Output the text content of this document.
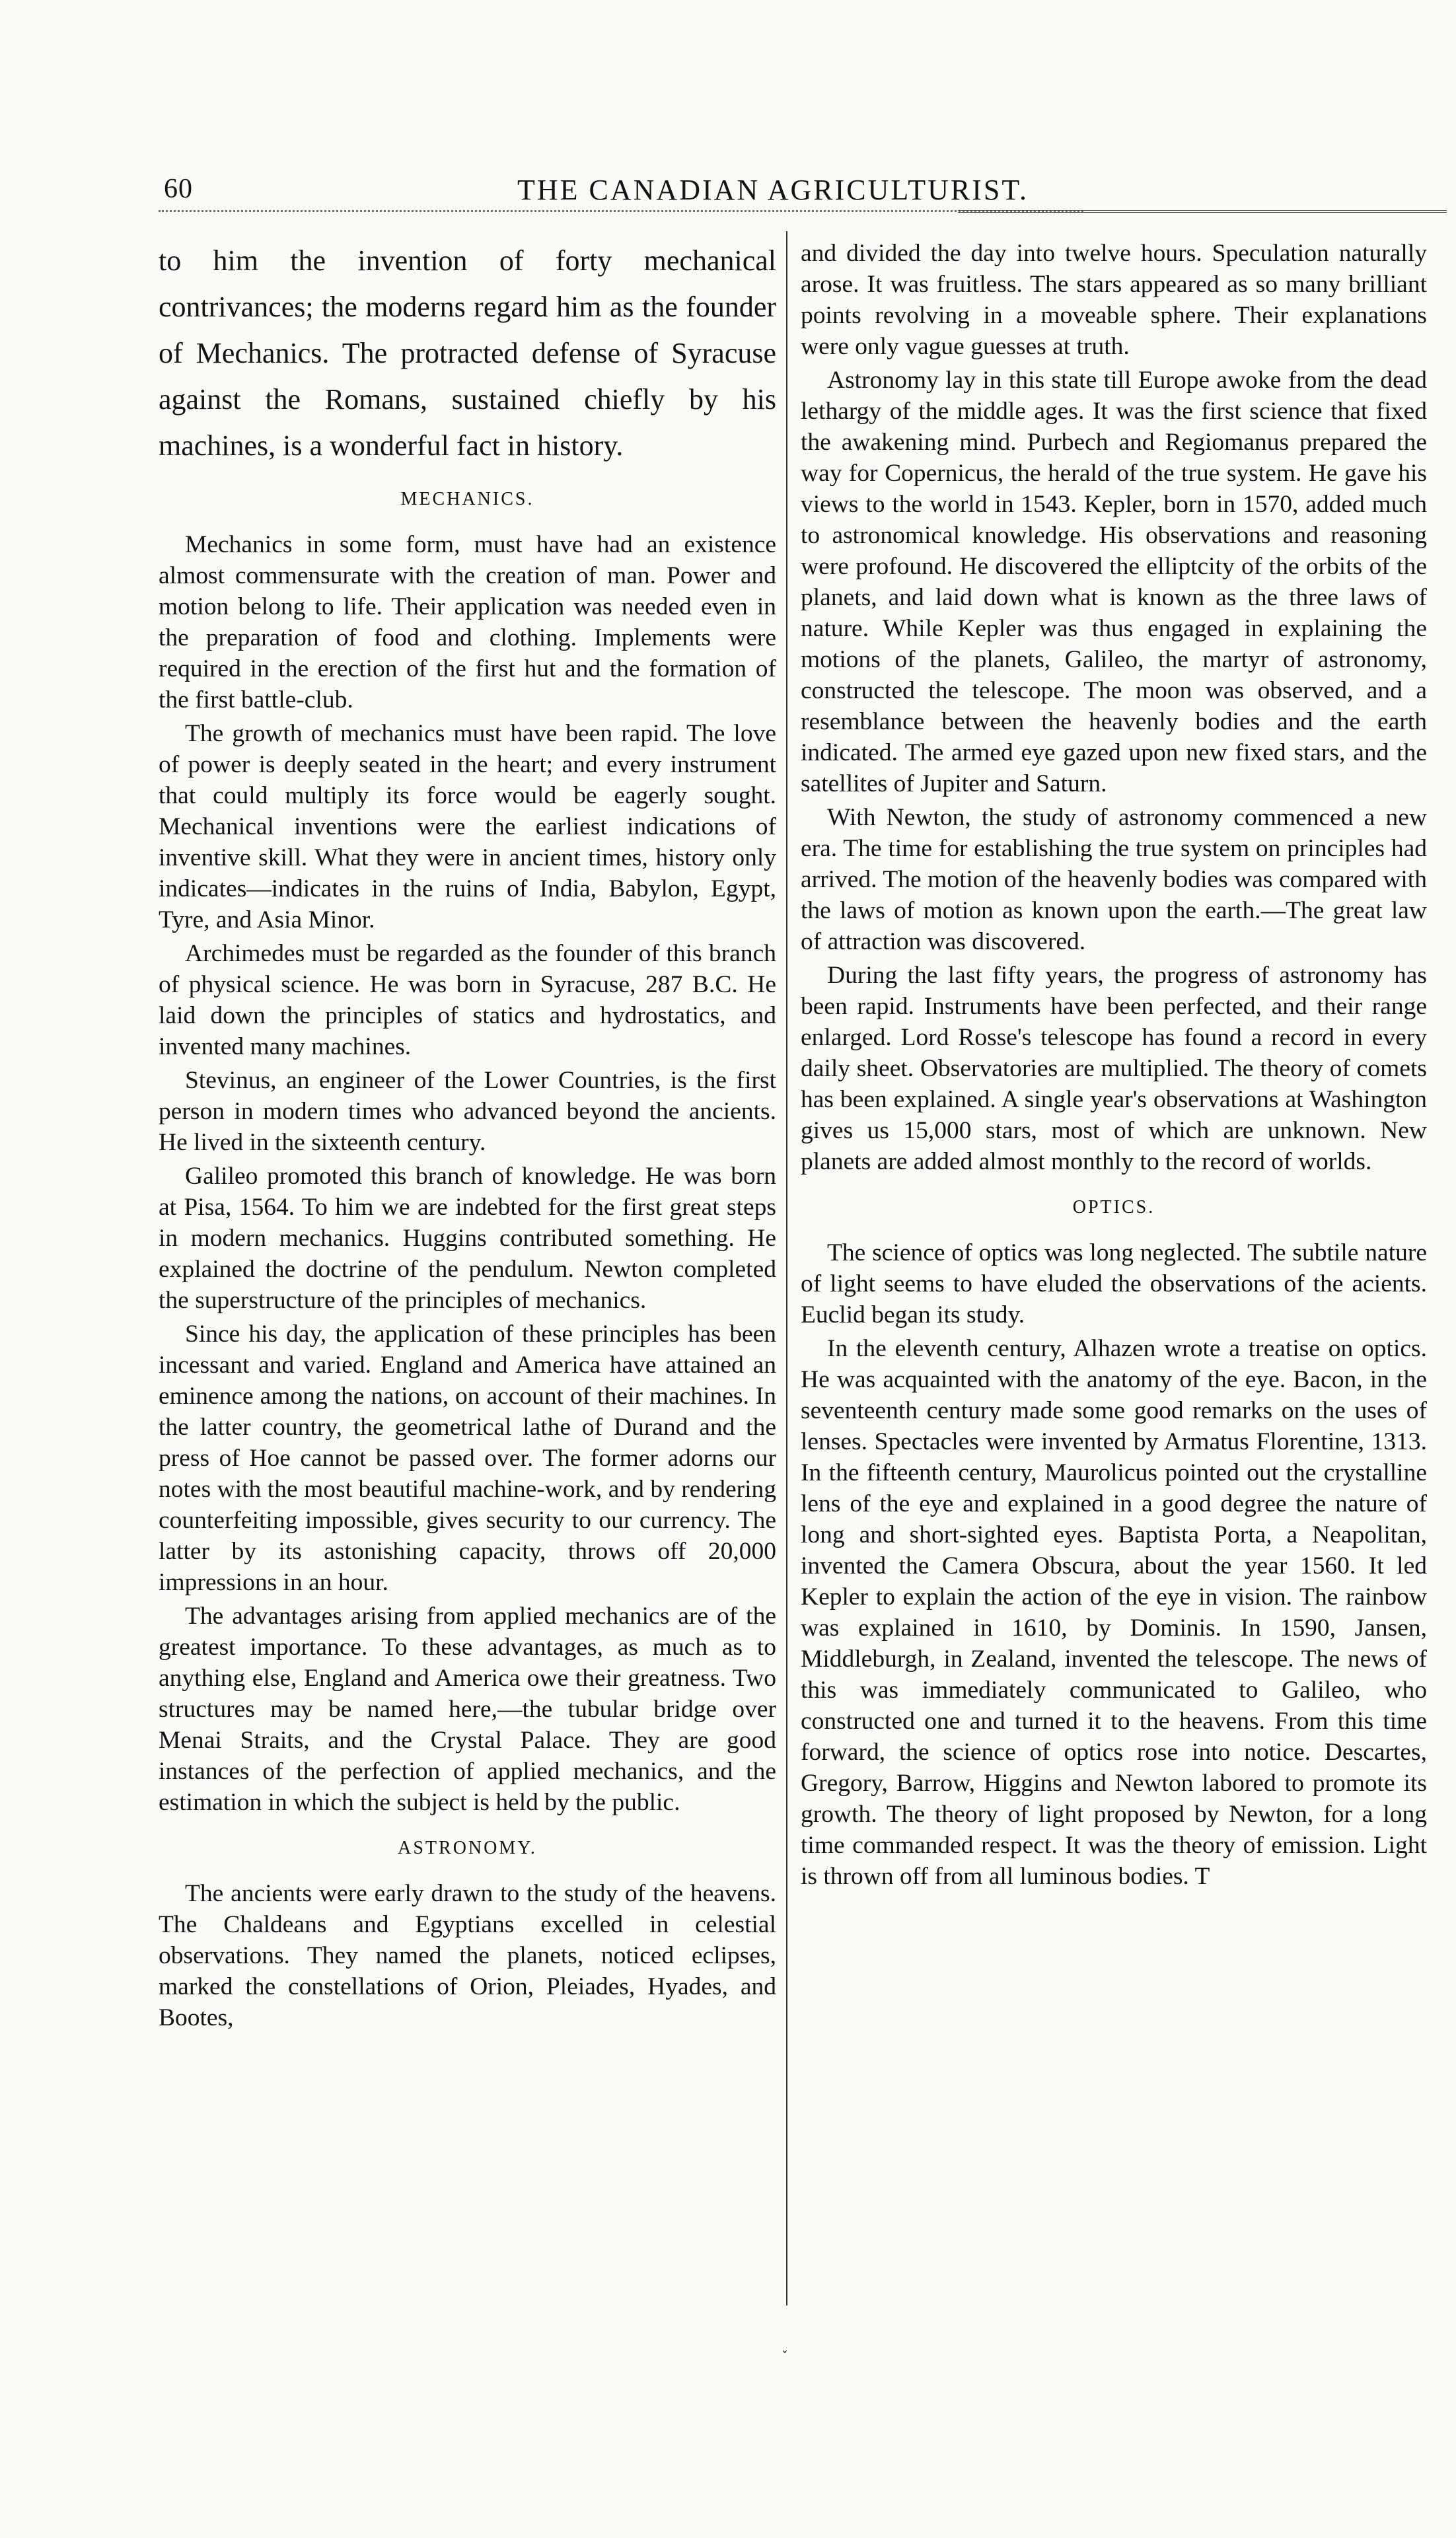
60	THE CANADIAN AGRICULTURIST.

to him the invention of forty mechanical contrivances; the moderns regard him as the founder of Mechanics. The protracted defense of Syracuse against the Romans, sustained chiefly by his machines, is a wonderful fact in history.

MECHANICS.

Mechanics in some form, must have had an existence almost commensurate with the creation of man. Power and motion belong to life. Their application was needed even in the preparation of food and clothing. Implements were required in the erection of the first hut and the formation of the first battle-club.

The growth of mechanics must have been rapid. The love of power is deeply seated in the heart; and every instrument that could multiply its force would be eagerly sought. Mechanical inventions were the earliest indications of inventive skill. What they were in ancient times, history only indicates—indicates in the ruins of India, Babylon, Egypt, Tyre, and Asia Minor.

Archimedes must be regarded as the founder of this branch of physical science. He was born in Syracuse, 287 B.C. He laid down the principles of statics and hydrostatics, and invented many machines.

Stevinus, an engineer of the Lower Countries, is the first person in modern times who advanced beyond the ancients. He lived in the sixteenth century.

Galileo promoted this branch of knowledge. He was born at Pisa, 1564. To him we are indebted for the first great steps in modern mechanics. Huggins contributed something. He explained the doctrine of the pendulum. Newton completed the superstructure of the principles of mechanics.

Since his day, the application of these principles has been incessant and varied. England and America have attained an eminence among the nations, on account of their machines. In the latter country, the geometrical lathe of Durand and the press of Hoe cannot be passed over. The former adorns our notes with the most beautiful machine-work, and by rendering counterfeiting impossible, gives security to our currency. The latter by its astonishing capacity, throws off 20,000 impressions in an hour.

The advantages arising from applied mechanics are of the greatest importance. To these advantages, as much as to anything else, England and America owe their greatness. Two structures may be named here,—the tubular bridge over Menai Straits, and the Crystal Palace. They are good instances of the perfection of applied mechanics, and the estimation in which the subject is held by the public.

ASTRONOMY.

The ancients were early drawn to the study of the heavens. The Chaldeans and Egyptians excelled in celestial observations. They named the planets, noticed eclipses, marked the constellations of Orion, Pleiades, Hyades, and Bootes,

and divided the day into twelve hours. Speculation naturally arose. It was fruitless. The stars appeared as so many brilliant points revolving in a moveable sphere. Their explanations were only vague guesses at truth.

Astronomy lay in this state till Europe awoke from the dead lethargy of the middle ages. It was the first science that fixed the awakening mind. Purbech and Regiomanus prepared the way for Copernicus, the herald of the true system. He gave his views to the world in 1543. Kepler, born in 1570, added much to astronomical knowledge. His observations and reasoning were profound. He discovered the elliptcity of the orbits of the planets, and laid down what is known as the three laws of nature. While Kepler was thus engaged in explaining the motions of the planets, Galileo, the martyr of astronomy, constructed the telescope. The moon was observed, and a resemblance between the heavenly bodies and the earth indicated. The armed eye gazed upon new fixed stars, and the satellites of Jupiter and Saturn.

With Newton, the study of astronomy commenced a new era. The time for establishing the true system on principles had arrived. The motion of the heavenly bodies was compared with the laws of motion as known upon the earth.—The great law of attraction was discovered.

During the last fifty years, the progress of astronomy has been rapid. Instruments have been perfected, and their range enlarged. Lord Rosse's telescope has found a record in every daily sheet. Observatories are multiplied. The theory of comets has been explained. A single year's observations at Washington gives us 15,000 stars, most of which are unknown. New planets are added almost monthly to the record of worlds.

OPTICS.

The science of optics was long neglected. The subtile nature of light seems to have eluded the observations of the acients. Euclid began its study.

In the eleventh century, Alhazen wrote a treatise on optics. He was acquainted with the anatomy of the eye. Bacon, in the seventeenth century made some good remarks on the uses of lenses. Spectacles were invented by Armatus Florentine, 1313. In the fifteenth century, Maurolicus pointed out the crystalline lens of the eye and explained in a good degree the nature of long and short-sighted eyes. Baptista Porta, a Neapolitan, invented the Camera Obscura, about the year 1560. It led Kepler to explain the action of the eye in vision. The rainbow was explained in 1610, by Dominis. In 1590, Jansen, Middleburgh, in Zealand, invented the telescope. The news of this was immediately communicated to Galileo, who constructed one and turned it to the heavens. From this time forward, the science of optics rose into notice. Descartes, Gregory, Barrow, Higgins and Newton labored to promote its growth. The theory of light proposed by Newton, for a long time commanded respect. It was the theory of emission. Light is thrown off from all luminous bodies. T

˯
